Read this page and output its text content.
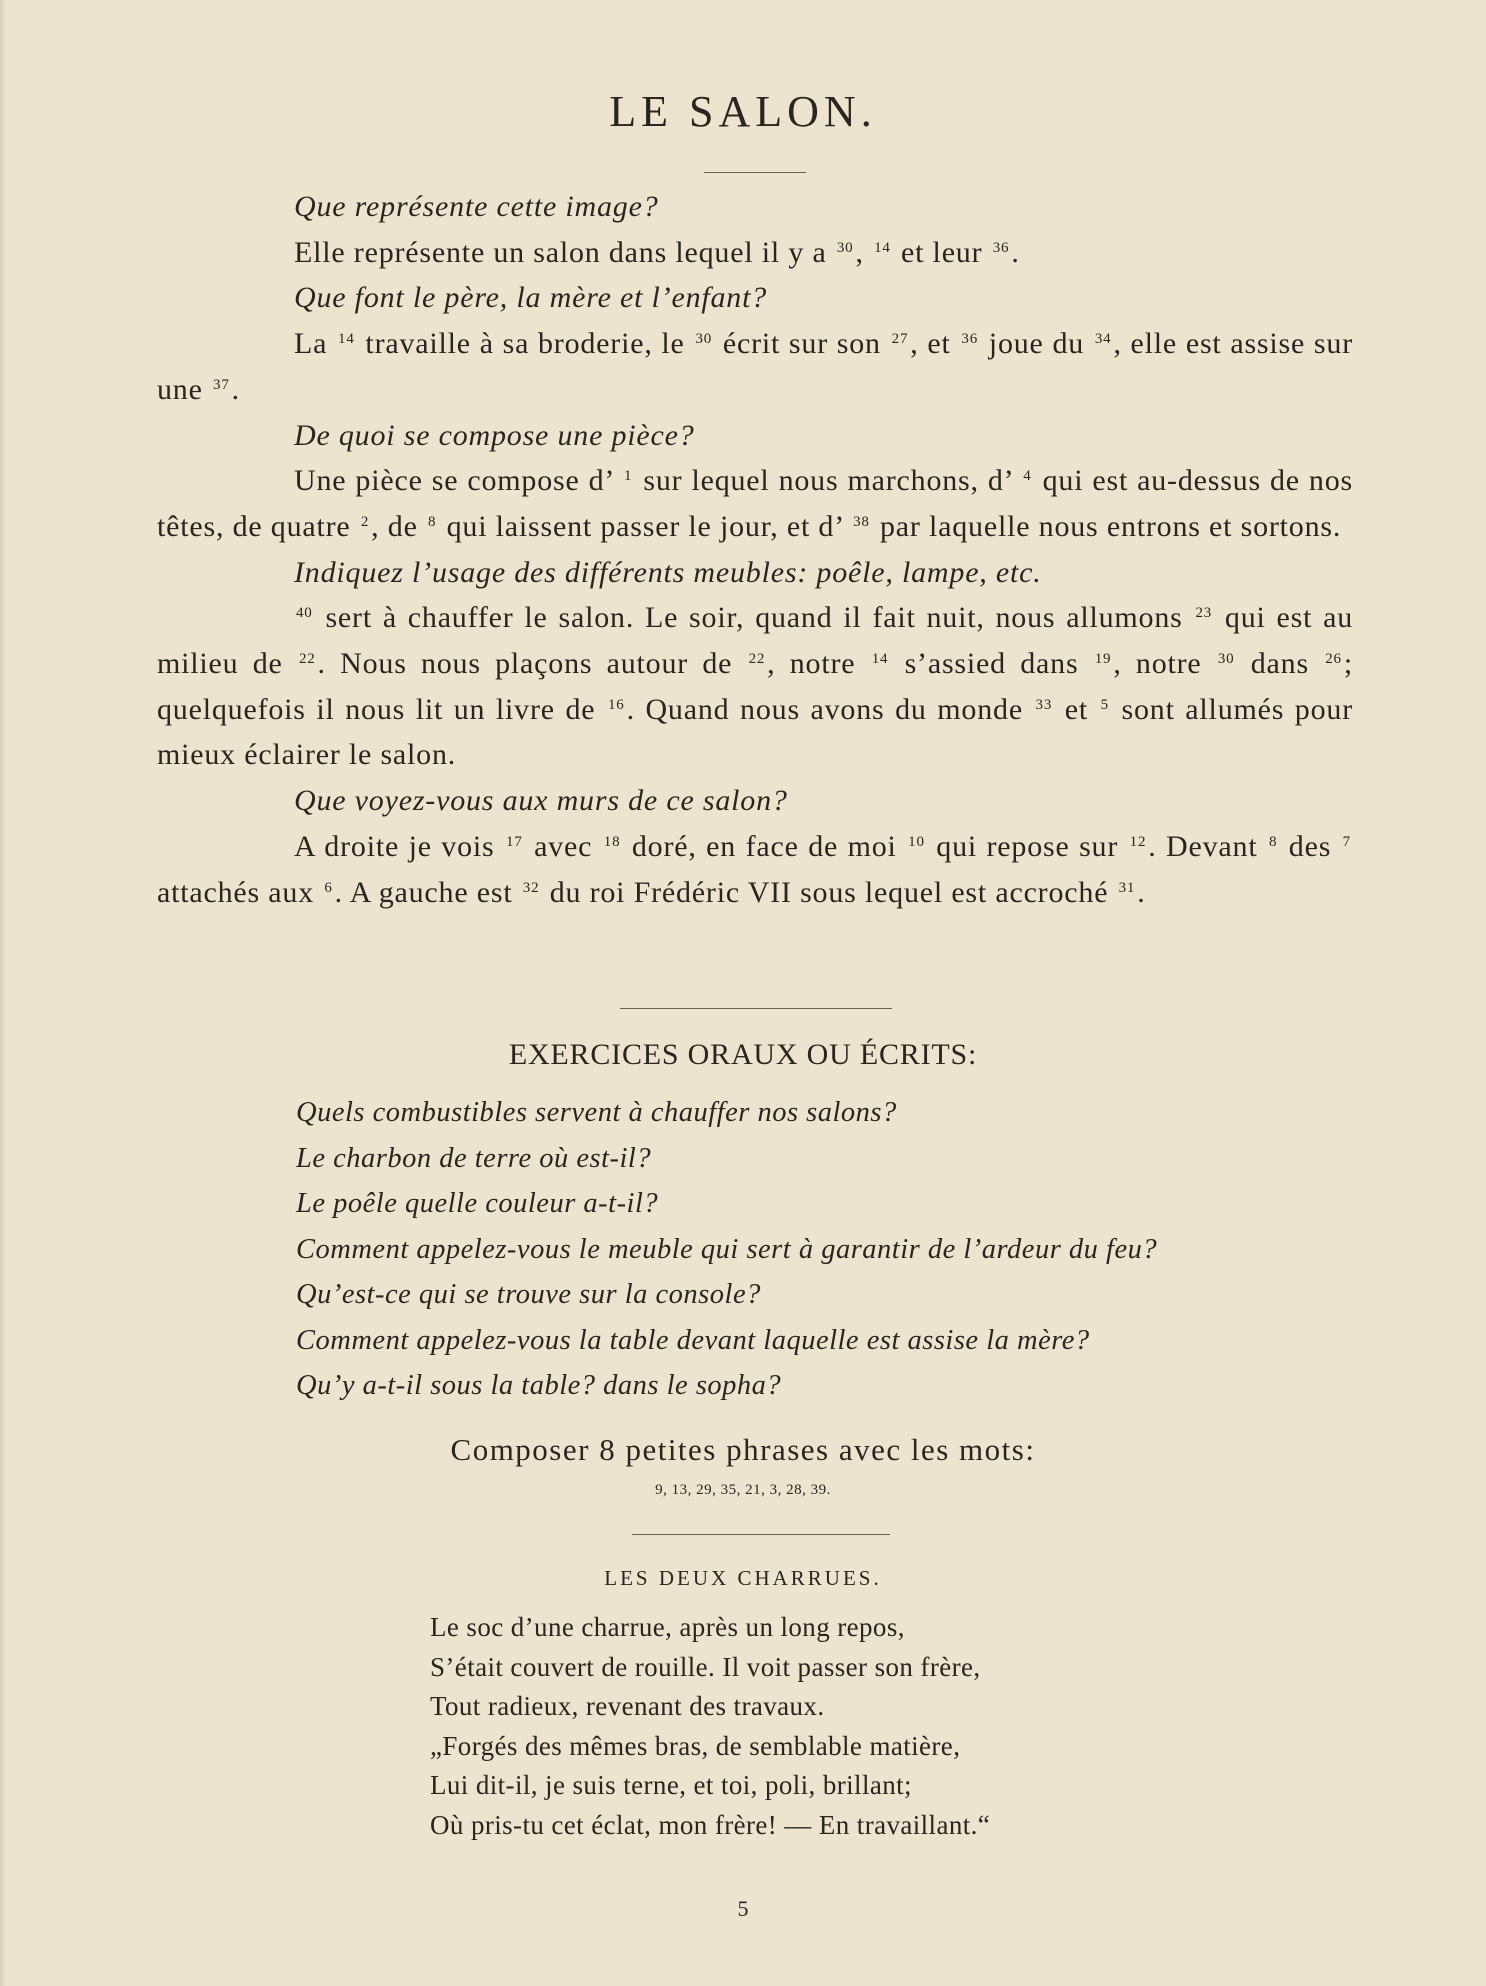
LE SALON.

Que représente cette image?

Elle représente un salon dans lequel il y a $^{30}$, $^{14}$ et leur $^{36}$.

Que font le père, la mère et l’enfant?

La $^{14}$ travaille à sa broderie, le $^{30}$ écrit sur son $^{27}$, et $^{36}$ joue du $^{34}$, elle est assise sur une $^{37}$.

De quoi se compose une pièce?

Une pièce se compose d’ $^1$ sur lequel nous marchons, d’ $^4$ qui est au-dessus de nos têtes, de quatre $^2$, de $^8$ qui laissent passer le jour, et d’ $^{38}$ par laquelle nous entrons et sortons.

Indiquez l’usage des différents meubles: poêle, lampe, etc.

$^{40}$ sert à chauffer le salon. Le soir, quand il fait nuit, nous allumons $^{23}$ qui est au milieu de $^{22}$. Nous nous plaçons autour de $^{22}$, notre $^{14}$ s’assied dans $^{19}$, notre $^{30}$ dans $^{26}$; quelquefois il nous lit un livre de $^{16}$. Quand nous avons du monde $^{33}$ et $^5$ sont allumés pour mieux éclairer le salon.

Que voyez-vous aux murs de ce salon?

A droite je vois $^{17}$ avec $^{18}$ doré, en face de moi $^{10}$ qui repose sur $^{12}$. Devant $^8$ des $^7$ attachés aux $^6$. A gauche est $^{32}$ du roi Frédéric VII sous lequel est accroché $^{31}$.

EXERCICES ORAUX OU ÉCRITS:
Quels combustibles servent à chauffer nos salons?
Le charbon de terre où est-il?
Le poêle quelle couleur a-t-il?
Comment appelez-vous le meuble qui sert à garantir de l’ardeur du feu?
Qu’est-ce qui se trouve sur la console?
Comment appelez-vous la table devant laquelle est assise la mère?
Qu’y a-t-il sous la table? dans le sopha?
Composer 8 petites phrases avec les mots:
9, 13, 29, 35, 21, 3, 28, 39.
LES DEUX CHARRUES.
Le soc d’une charrue, après un long repos,
S’était couvert de rouille. Il voit passer son frère,
Tout radieux, revenant des travaux.
„Forgés des mêmes bras, de semblable matière,
Lui dit-il, je suis terne, et toi, poli, brillant;
Où pris-tu cet éclat, mon frère! — En travaillant.“
5
